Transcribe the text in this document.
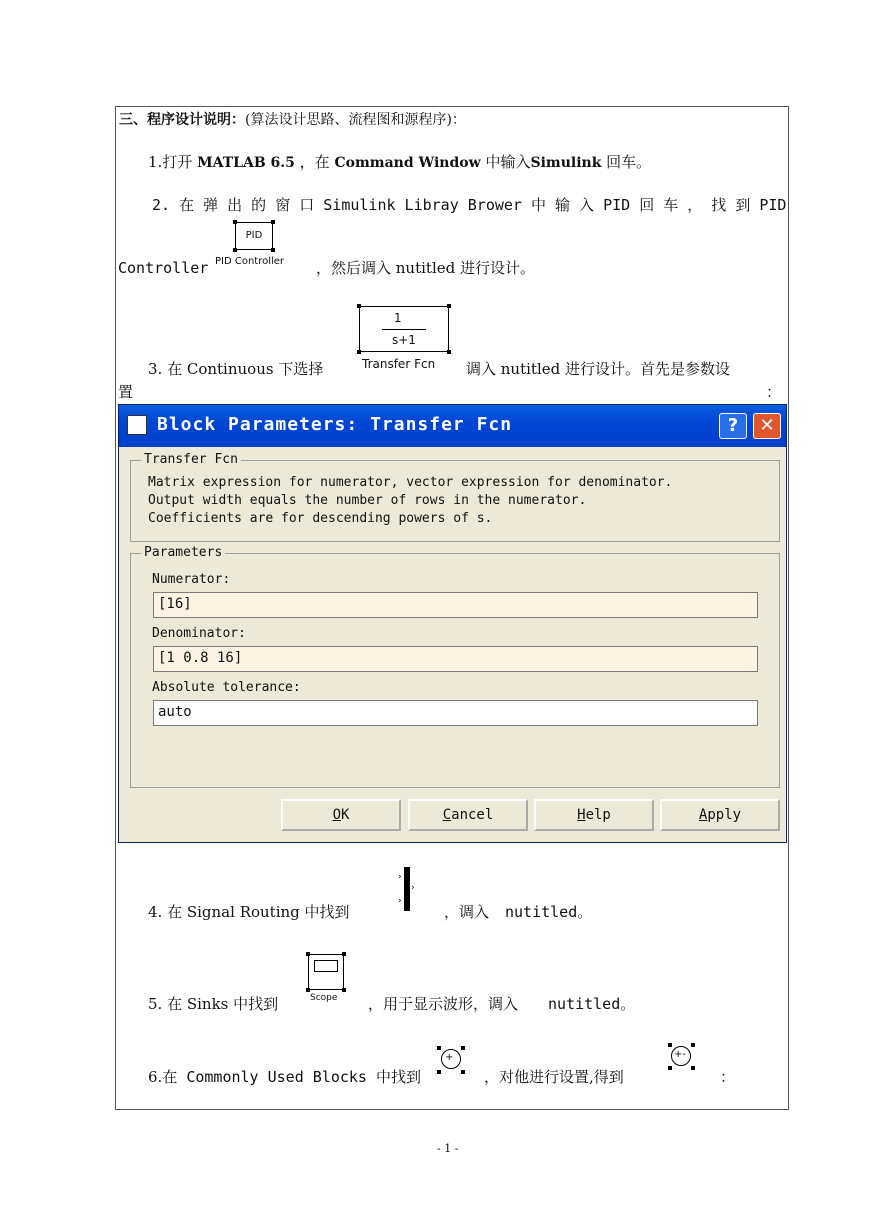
三、程序设计说明：(算法设计思路、流程图和源程序)：
1.打开 MATLAB 6.5 ，在 Command Window 中输入Simulink 回车。
2. 在 弹 出 的 窗 口 Simulink Libray Brower 中 输 入 PID 回 车 ， 找 到 PID
Controller	，然后调入 nutitled 进行设计。
PID
PID Controller
3. 在 Continuous 下选择	调入 nutitled 进行设计。首先是参数设
置	：
1
s+1
Transfer Fcn
Block Parameters: Transfer Fcn	?	✕
Transfer Fcn
Matrix expression for numerator, vector expression for denominator.
Output width equals the number of rows in the numerator.
Coefficients are for descending powers of s.
Parameters
Numerator:
[16]
Denominator:
[1 0.8 16]
Absolute tolerance:
auto
OK	Cancel	Help	Apply
4. 在 Signal Routing 中找到
›
›
›
，调入 nutitled。
5. 在 Sinks 中找到	Scope ，用于显示波形，调入 nutitled。
6.在 Commonly Used Blocks 中找到
+
，对他进行设置,得到
+-
：
- 1 -
